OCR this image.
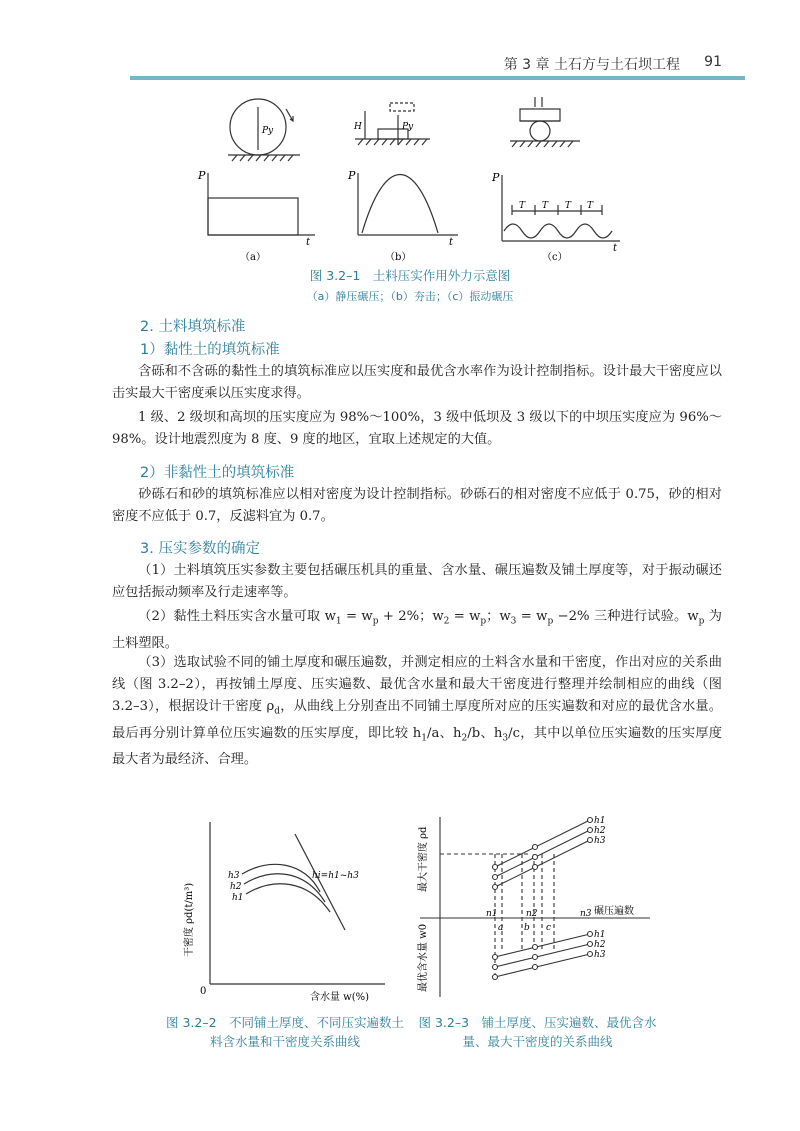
第 3 章 土石方与土石坝工程 91
P	P	P
t	t
t
Py	Py
H
T T T T
（a）	（b）	（c）
图 3.2–1　土料压实作用外力示意图
（a）静压碾压；（b）夯击；（c）振动碾压
2. 土料填筑标准
1）黏性土的填筑标准
含砾和不含砾的黏性土的填筑标准应以压实度和最优含水率作为设计控制指标。设计最大干密度应以击实最大干密度乘以压实度求得。
1 级、2 级坝和高坝的压实度应为 98%～100%，3 级中低坝及 3 级以下的中坝压实度应为 96%～98%。设计地震烈度为 8 度、9 度的地区，宜取上述规定的大值。
2）非黏性土的填筑标准
砂砾石和砂的填筑标准应以相对密度为设计控制指标。砂砾石的相对密度不应低于 0.75，砂的相对密度不应低于 0.7，反滤料宜为 0.7。
3. 压实参数的确定
（1）土料填筑压实参数主要包括碾压机具的重量、含水量、碾压遍数及铺土厚度等，对于振动碾还应包括振动频率及行走速率等。
（2）黏性土料压实含水量可取 $w_1 = w_p + 2\%$；$w_2 = w_p$；$w_3 = w_p -2\%$ 三种进行试验。$w_p$ 为土料塑限。
（3）选取试验不同的铺土厚度和碾压遍数，并测定相应的土料含水量和干密度，作出对应的关系曲线（图 3.2–2），再按铺土厚度、压实遍数、最优含水量和最大干密度进行整理并绘制相应的曲线（图 3.2–3），根据设计干密度 $\rho_d$，从曲线上分别查出不同铺土厚度所对应的压实遍数和对应的最优含水量。最后再分别计算单位压实遍数的压实厚度，即比较 $h_1/a$、$h_2/b$、$h_3/c$，其中以单位压实遍数的压实厚度最大者为最经济、合理。
0
h3
h2
h1
hi=h1~h3
含水量 w(%)
干密度 ρd(t/m³)
图 3.2–2　不同铺土厚度、不同压实遍数土料含水量和干密度关系曲线
n1	n2	n3 碾压遍数
a b c
h1
h2
h3
h1
h2
h3
最大干密度 ρd
最优含水量 w0
图 3.2–3　铺土厚度、压实遍数、最优含水量、最大干密度的关系曲线
